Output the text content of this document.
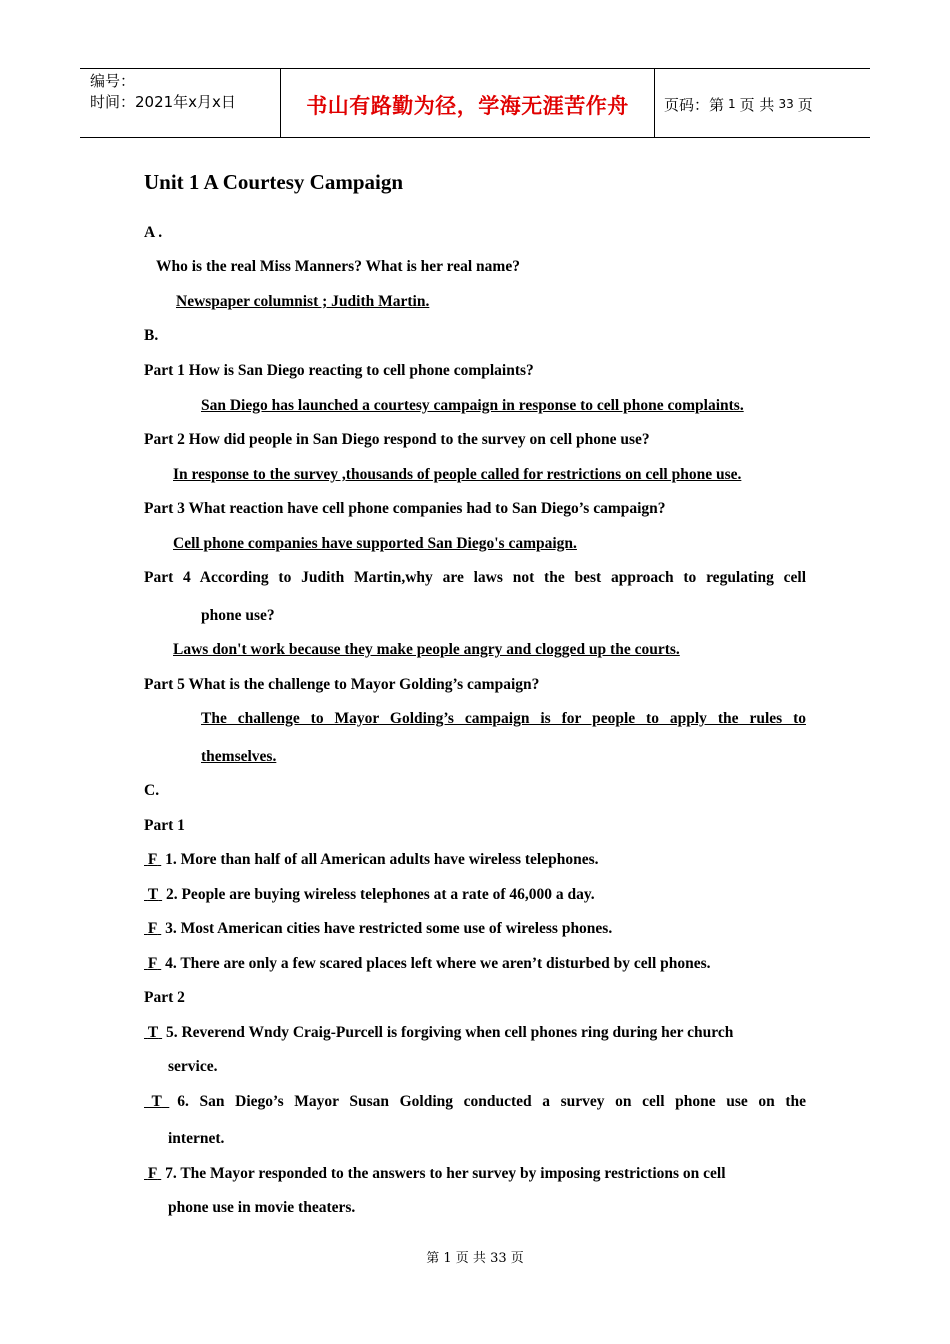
编号：
时间：2021年x月x日	书山有路勤为径，学海无涯苦作舟	页码：第 1 页 共 33 页
Unit 1 A Courtesy Campaign
A .
Who is the real Miss Manners? What is her real name?
Newspaper columnist ; Judith Martin.
B.
Part 1 How is San Diego reacting to cell phone complaints?
San Diego has launched a courtesy campaign in response to cell phone complaints.
Part 2 How did people in San Diego respond to the survey on cell phone use?
In response to the survey ,thousands of people called for restrictions on cell phone use.
Part 3 What reaction have cell phone companies had to San Diego’s campaign?
Cell phone companies have supported San Diego's campaign.
Part 4 According to Judith Martin,why are laws not the best approach to regulating cell
phone use?
Laws don't work because they make people angry and clogged up the courts.
Part 5 What is the challenge to Mayor Golding’s campaign?
The challenge to Mayor Golding’s campaign is for people to apply the rules to
themselves.
C.
Part 1
F 1. More than half of all American adults have wireless telephones.
T 2. People are buying wireless telephones at a rate of 46,000 a day.
F 3. Most American cities have restricted some use of wireless phones.
F 4. There are only a few scared places left where we aren’t disturbed by cell phones.
Part 2
T 5. Reverend Wndy Craig-Purcell is forgiving when cell phones ring during her church
service.
T	6. San Diego’s Mayor Susan Golding conducted a survey on cell phone use on the
internet.
F 7. The Mayor responded to the answers to her survey by imposing restrictions on cell
phone use in movie theaters.
第 1 页 共 33 页
